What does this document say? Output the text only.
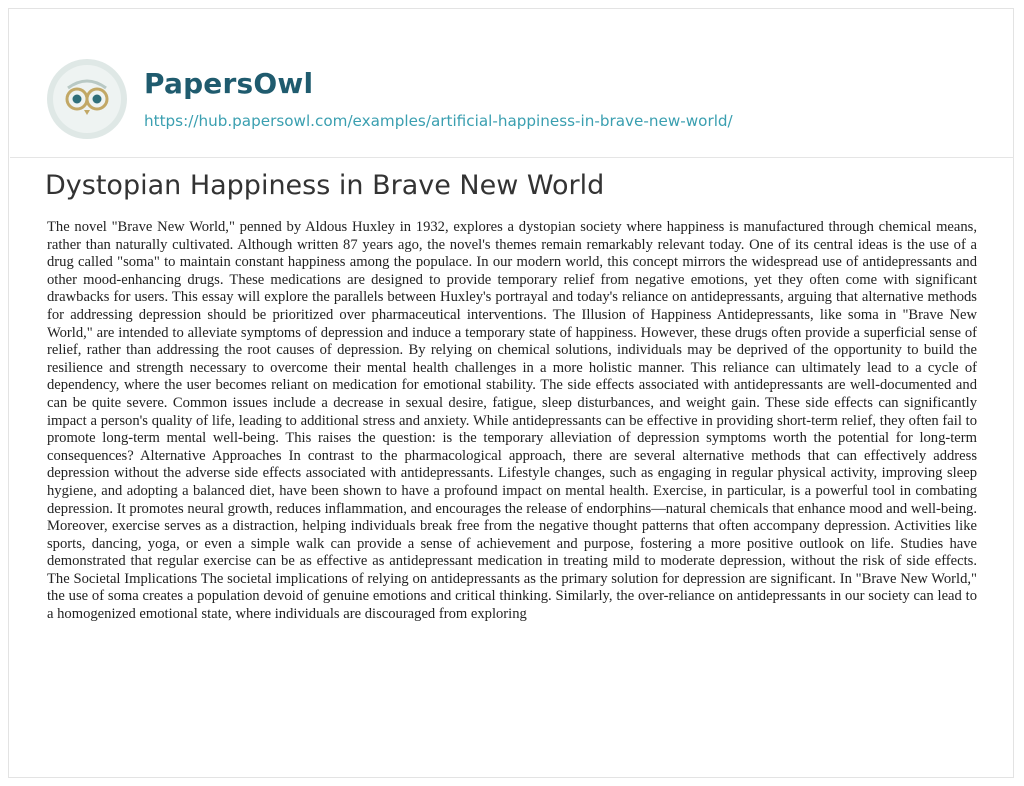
PapersOwl
https://hub.papersowl.com/examples/artificial-happiness-in-brave-new-world/
Dystopian Happiness in Brave New World

The novel "Brave New World," penned by Aldous Huxley in 1932, explores a dystopian society where happiness is manufactured through chemical means, rather than naturally cultivated. Although written 87 years ago, the novel's themes remain remarkably relevant today. One of its central ideas is the use of a drug called "soma" to maintain constant happiness among the populace. In our modern world, this concept mirrors the widespread use of antidepressants and other mood-enhancing drugs. These medications are designed to provide temporary relief from negative emotions, yet they often come with significant drawbacks for users. This essay will explore the parallels between Huxley's portrayal and today's reliance on antidepressants, arguing that alternative methods for addressing depression should be prioritized over pharmaceutical interventions. The Illusion of Happiness Antidepressants, like soma in "Brave New World," are intended to alleviate symptoms of depression and induce a temporary state of happiness. However, these drugs often provide a superficial sense of relief, rather than addressing the root causes of depression. By relying on chemical solutions, individuals may be deprived of the opportunity to build the resilience and strength necessary to overcome their mental health challenges in a more holistic manner. This reliance can ultimately lead to a cycle of dependency, where the user becomes reliant on medication for emotional stability. The side effects associated with antidepressants are well-documented and can be quite severe. Common issues include a decrease in sexual desire, fatigue, sleep disturbances, and weight gain. These side effects can significantly impact a person's quality of life, leading to additional stress and anxiety. While antidepressants can be effective in providing short-term relief, they often fail to promote long-term mental well-being. This raises the question: is the temporary alleviation of depression symptoms worth the potential for long-term consequences? Alternative Approaches In contrast to the pharmacological approach, there are several alternative methods that can effectively address depression without the adverse side effects associated with antidepressants. Lifestyle changes, such as engaging in regular physical activity, improving sleep hygiene, and adopting a balanced diet, have been shown to have a profound impact on mental health. Exercise, in particular, is a powerful tool in combating depression. It promotes neural growth, reduces inflammation, and encourages the release of endorphins—natural chemicals that enhance mood and well-being. Moreover, exercise serves as a distraction, helping individuals break free from the negative thought patterns that often accompany depression. Activities like sports, dancing, yoga, or even a simple walk can provide a sense of achievement and purpose, fostering a more positive outlook on life. Studies have demonstrated that regular exercise can be as effective as antidepressant medication in treating mild to moderate depression, without the risk of side effects. The Societal Implications The societal implications of relying on antidepressants as the primary solution for depression are significant. In "Brave New World," the use of soma creates a population devoid of genuine emotions and critical thinking. Similarly, the over-reliance on antidepressants in our society can lead to a homogenized emotional state, where individuals are discouraged from exploring
